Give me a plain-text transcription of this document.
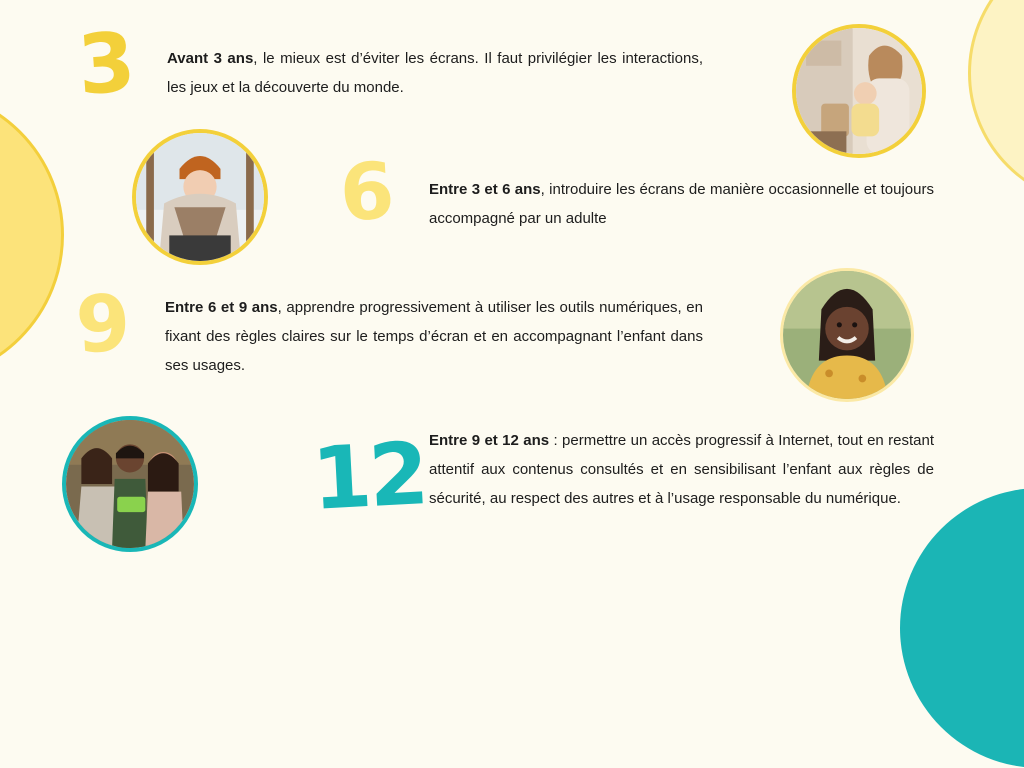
3 Avant 3 ans, le mieux est d’éviter les écrans. Il faut privilégier les interactions, les jeux et la découverte du monde.
6 Entre 3 et 6 ans, introduire les écrans de manière occasionnelle et toujours accompagné par un adulte
9 Entre 6 et 9 ans, apprendre progressivement à utiliser les outils numériques, en fixant des règles claires sur le temps d’écran et en accompagnant l’enfant dans ses usages.
12 Entre 9 et 12 ans : permettre un accès progressif à Internet, tout en restant attentif aux contenus consultés et en sensibilisant l’enfant aux règles de sécurité, au respect des autres et à l’usage responsable du numérique.
